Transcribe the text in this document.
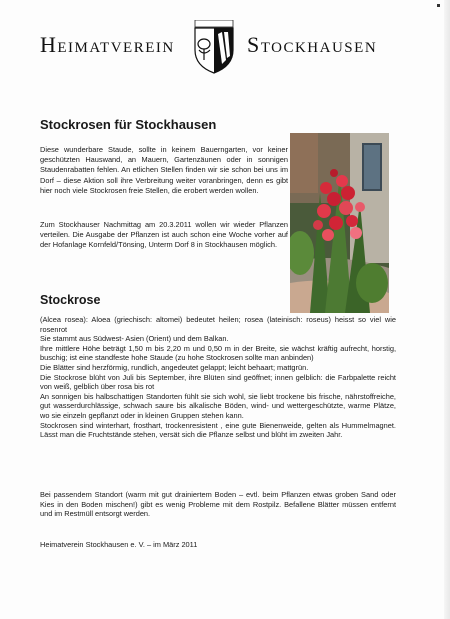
HEIMATVEREIN	STOCKHAUSEN
Stockrosen für Stockhausen
Diese wunderbare Staude, sollte in keinem Bauerngarten, vor keiner geschützten Hauswand, an Mauern, Gartenzäunen oder in sonnigen Staudenrabatten fehlen. An etlichen Stellen finden wir sie schon bei uns im Dorf – diese Aktion soll ihre Verbreitung weiter voranbringen, denn es gibt hier noch viele Stockrosen freie Stellen, die erobert werden wollen.
Zum Stockhauser Nachmittag am 20.3.2011 wollen wir wieder Pflanzen verteilen. Die Ausgabe der Pflanzen ist auch schon eine Woche vorher auf der Hofanlage Kornfeld/Tönsing, Unterm Dorf 8 in Stockhausen möglich.
Stockrose

(Alcea rosea): Aloea (griechisch: altomei) bedeutet heilen; rosea (lateinisch: roseus) heisst so viel wie rosenrot

Sie stammt aus Südwest- Asien (Orient) und dem Balkan.

Ihre mittlere Höhe beträgt 1,50 m bis 2,20 m und 0,50 m in der Breite, sie wächst kräftig aufrecht, horstig, buschig; ist eine standfeste hohe Staude (zu hohe Stockrosen sollte man anbinden)

Die Blätter sind herzförmig, rundlich, angedeutet gelappt; leicht behaart; mattgrün.

Die Stockrose blüht von Juli bis September, ihre Blüten sind geöffnet; innen gelblich: die Farbpalette reicht von weiß, gelblich über rosa bis rot

An sonnigen bis halbschattigen Standorten fühlt sie sich wohl, sie liebt trockene bis frische, nährstoffreiche, gut wasserdurchlässige, schwach saure bis alkalische Böden, wind- und wettergeschützte, warme Plätze, wo sie einzeln gepflanzt oder in kleinen Gruppen stehen kann.

Stockrosen sind winterhart, frosthart, trockenresistent , eine gute Bienenweide, gelten als Hummelmagnet. Lässt man die Fruchtstände stehen, versät sich die Pflanze selbst und blüht im zweiten Jahr.

Bei passendem Standort (warm mit gut drainiertem Boden – evtl. beim Pflanzen etwas groben Sand oder Kies in den Boden mischen!) gibt es wenig Probleme mit dem Rostpilz. Befallene Blätter müssen entfernt und im Restmüll entsorgt werden.
Heimatverein Stockhausen e. V. – im März 2011
